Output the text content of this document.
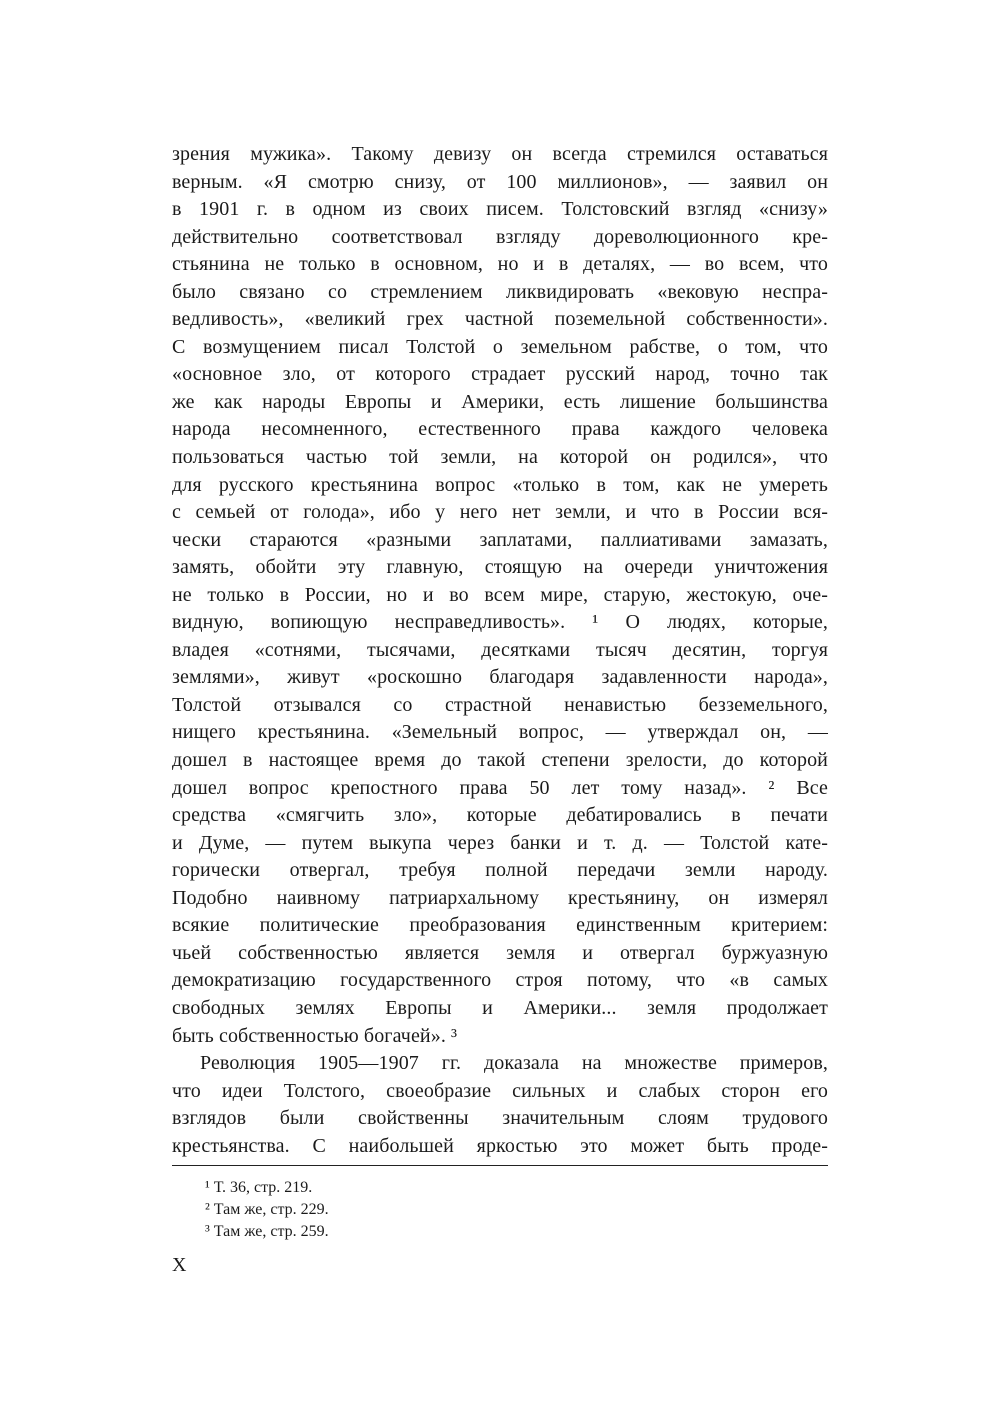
зрения мужика». Такому девизу он всегда стремился оставаться
верным. «Я смотрю снизу, от 100 миллионов», — заявил он
в 1901 г. в одном из своих писем. Толстовский взгляд «снизу»
действительно соответствовал взгляду дореволюционного кре-
стьянина не только в основном, но и в деталях, — во всем, что
было связано со стремлением ликвидировать «вековую неспра-
ведливость», «великий грех частной поземельной собственности».
С возмущением писал Толстой о земельном рабстве, о том, что
«основное зло, от которого страдает русский народ, точно так
же как народы Европы и Америки, есть лишение большинства
народа несомненного, естественного права каждого человека
пользоваться частью той земли, на которой он родился», что
для русского крестьянина вопрос «только в том, как не умереть
с семьей от голода», ибо у него нет земли, и что в России вся-
чески стараются «разными заплатами, паллиативами замазать,
замять, обойти эту главную, стоящую на очереди уничтожения
не только в России, но и во всем мире, старую, жестокую, оче-
видную, вопиющую несправедливость». ¹ О людях, которые,
владея «сотнями, тысячами, десятками тысяч десятин, торгуя
землями», живут «роскошно благодаря задавленности народа»,
Толстой отзывался со страстной ненавистью безземельного,
нищего крестьянина. «Земельный вопрос, — утверждал он, —
дошел в настоящее время до такой степени зрелости, до которой
дошел вопрос крепостного права 50 лет тому назад». ² Все
средства «смягчить зло», которые дебатировались в печати
и Думе, — путем выкупа через банки и т. д. — Толстой кате-
горически отвергал, требуя полной передачи земли народу.
Подобно наивному патриархальному крестьянину, он измерял
всякие политические преобразования единственным критерием:
чьей собственностью является земля и отвергал буржуазную
демократизацию государственного строя потому, что «в самых
свободных землях Европы и Америки... земля продолжает
быть собственностью богачей». ³
Революция 1905—1907 гг. доказала на множестве примеров,
что идеи Толстого, своеобразие сильных и слабых сторон его
взглядов были свойственны значительным слоям трудового
крестьянства. С наибольшей яркостью это может быть проде-
¹ Т. 36, стр. 219.
² Там же, стр. 229.
³ Там же, стр. 259.
X
